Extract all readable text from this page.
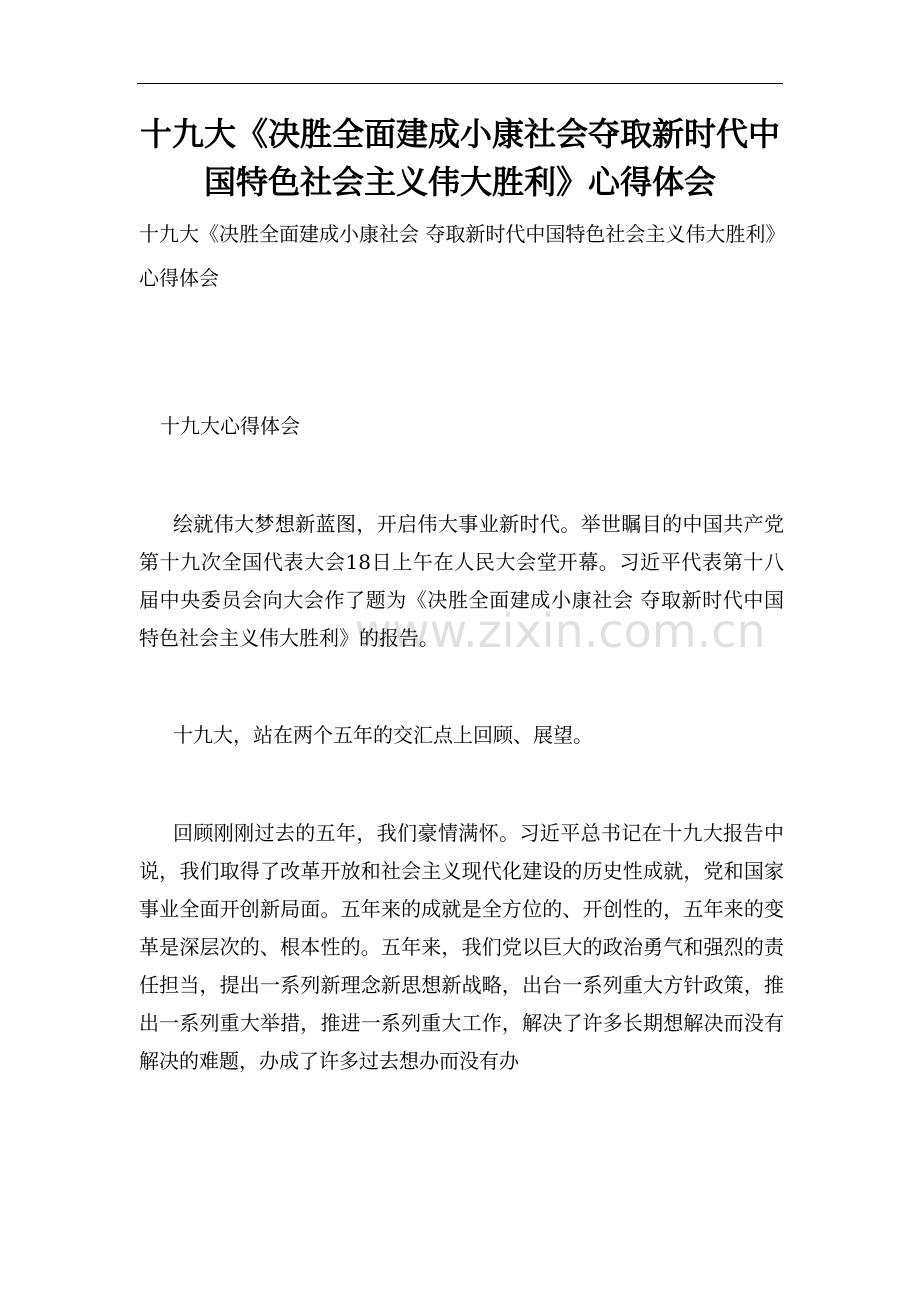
十九大《决胜全面建成小康社会夺取新时代中国特色社会主义伟大胜利》心得体会

十九大《决胜全面建成小康社会 夺取新时代中国特色社会主义伟大胜利》心得体会

十九大心得体会

绘就伟大梦想新蓝图，开启伟大事业新时代。举世瞩目的中国共产党第十九次全国代表大会18日上午在人民大会堂开幕。习近平代表第十八届中央委员会向大会作了题为《决胜全面建成小康社会 夺取新时代中国特色社会主义伟大胜利》的报告。

十九大，站在两个五年的交汇点上回顾、展望。

回顾刚刚过去的五年，我们豪情满怀。习近平总书记在十九大报告中说，我们取得了改革开放和社会主义现代化建设的历史性成就，党和国家事业全面开创新局面。五年来的成就是全方位的、开创性的，五年来的变革是深层次的、根本性的。五年来，我们党以巨大的政治勇气和强烈的责任担当，提出一系列新理念新思想新战略，出台一系列重大方针政策，推出一系列重大举措，推进一系列重大工作，解决了许多长期想解决而没有解决的难题，办成了许多过去想办而没有办

www.zixin.com.cn
